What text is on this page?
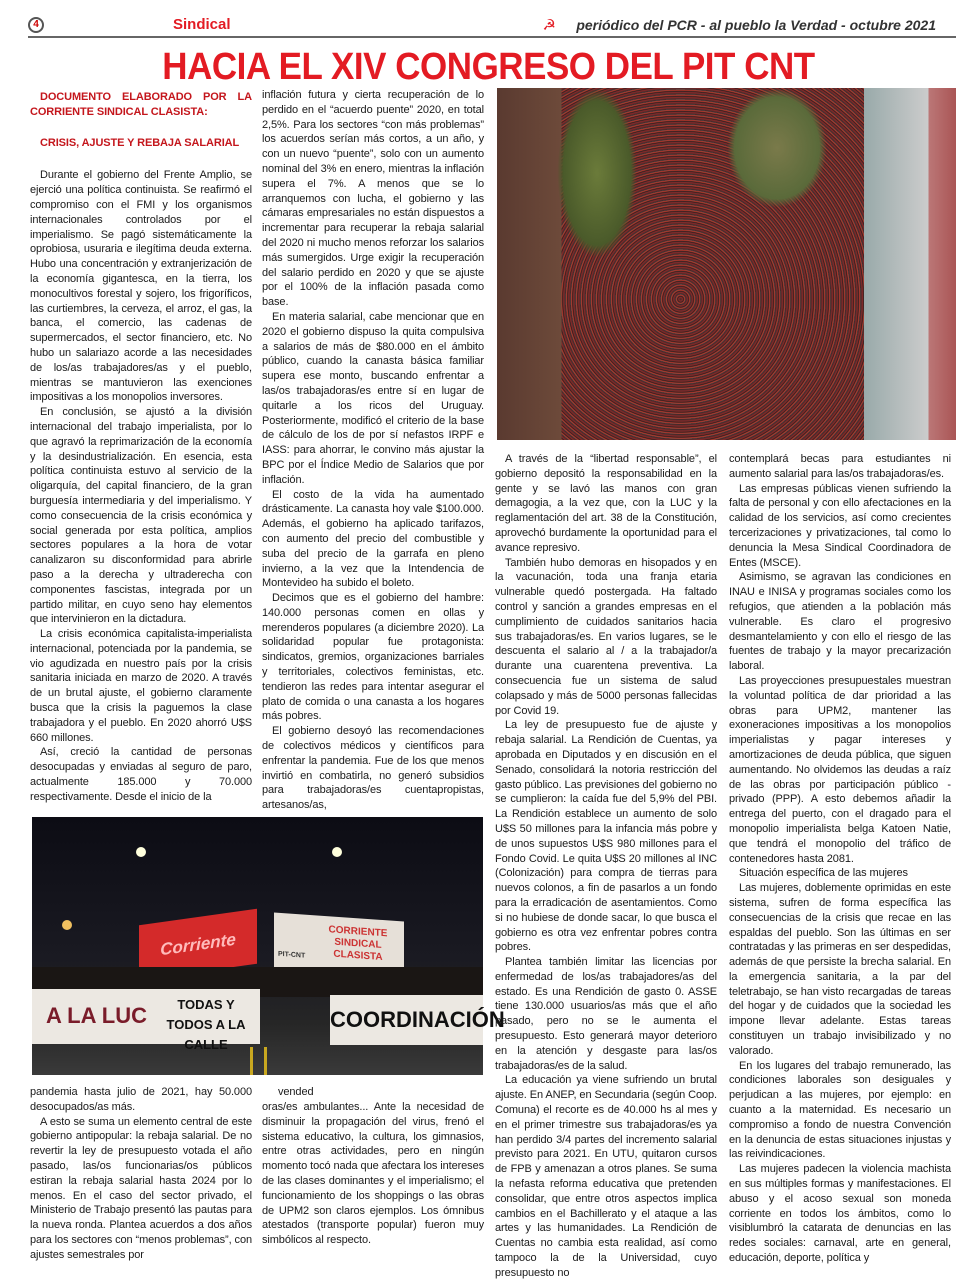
4	Sindical	☭ periódico del PCR - al pueblo la Verdad - octubre 2021
HACIA EL XIV CONGRESO DEL PIT CNT

DOCUMENTO ELABORADO POR LA CORRIENTE SINDICAL CLASISTA:

CRISIS, AJUSTE Y REBAJA SALARIAL

Durante el gobierno del Frente Amplio, se ejerció una política continuista. Se reafirmó el compromiso con el FMI y los organismos internacionales controlados por el imperialismo. Se pagó sistemáticamente la oprobiosa, usuraria e ilegítima deuda externa. Hubo una concentración y extranjerización de la economía gigantesca, en la tierra, los monocultivos forestal y sojero, los frigoríficos, las curtiembres, la cerveza, el arroz, el gas, la banca, el comercio, las cadenas de supermercados, el sector financiero, etc. No hubo un salariazo acorde a las necesidades de los/as trabajadores/as y el pueblo, mientras se mantuvieron las exenciones impositivas a los monopolios inversores.

En conclusión, se ajustó a la división internacional del trabajo imperialista, por lo que agravó la reprimarización de la economía y la desindustrialización. En esencia, esta política continuista estuvo al servicio de la oligarquía, del capital financiero, de la gran burguesía intermediaria y del imperialismo. Y como consecuencia de la crisis económica y social generada por esta política, amplios sectores populares a la hora de votar canalizaron su disconformidad para abrirle paso a la derecha y ultraderecha con componentes fascistas, integrada por un partido militar, en cuyo seno hay elementos que intervinieron en la dictadura.

La crisis económica capitalista-imperialista internacional, potenciada por la pandemia, se vio agudizada en nuestro país por la crisis sanitaria iniciada en marzo de 2020. A través de un brutal ajuste, el gobierno claramente busca que la crisis la paguemos la clase trabajadora y el pueblo. En 2020 ahorró U$S 660 millones.

Así, creció la cantidad de personas desocupadas y enviadas al seguro de paro, actualmente 185.000 y 70.000 respectivamente. Desde el inicio de la

inflación futura y cierta recuperación de lo perdido en el “acuerdo puente” 2020, en total 2,5%. Para los sectores “con más problemas” los acuerdos serían más cortos, a un año, y con un nuevo “puente”, solo con un aumento nominal del 3% en enero, mientras la inflación supera el 7%. A menos que se lo arranquemos con lucha, el gobierno y las cámaras empresariales no están dispuestos a incrementar para recuperar la rebaja salarial del 2020 ni mucho menos reforzar los salarios más sumergidos. Urge exigir la recuperación del salario perdido en 2020 y que se ajuste por el 100% de la inflación pasada como base.

En materia salarial, cabe mencionar que en 2020 el gobierno dispuso la quita compulsiva a salarios de más de $80.000 en el ámbito público, cuando la canasta básica familiar supera ese monto, buscando enfrentar a las/os trabajadoras/es entre sí en lugar de quitarle a los ricos del Uruguay. Posteriormente, modificó el criterio de la base de cálculo de los de por sí nefastos IRPF e IASS: para ahorrar, le convino más ajustar la BPC por el Índice Medio de Salarios que por inflación.

El costo de la vida ha aumentado drásticamente. La canasta hoy vale $100.000. Además, el gobierno ha aplicado tarifazos, con aumento del precio del combustible y suba del precio de la garrafa en pleno invierno, a la vez que la Intendencia de Montevideo ha subido el boleto.

Decimos que es el gobierno del hambre: 140.000 personas comen en ollas y merenderos populares (a diciembre 2020). La solidaridad popular fue protagonista: sindicatos, gremios, organizaciones barriales y territoriales, colectivos feministas, etc. tendieron las redes para intentar asegurar el plato de comida o una canasta a los hogares más pobres.

El gobierno desoyó las recomendaciones de colectivos médicos y científicos para enfrentar la pandemia. Fue de los que menos invirtió en combatirla, no generó subsidios para trabajadoras/es cuentapropistas, artesanos/as,

Corriente	CORRIENTE SINDICAL CLASISTA
PIT-CNT
A LA LUC	TODAS Y TODOS A LA CALLE
COORDINACIÓN

pandemia hasta julio de 2021, hay 50.000 desocupados/as más.

A esto se suma un elemento central de este gobierno antipopular: la rebaja salarial. De no revertir la ley de presupuesto votada el año pasado, las/os funcionarias/os públicos estiran la rebaja salarial hasta 2024 por lo menos. En el caso del sector privado, el Ministerio de Trabajo presentó las pautas para la nueva ronda. Plantea acuerdos a dos años para los sectores con “menos problemas”, con ajustes semestrales por

vended

oras/es ambulantes... Ante la necesidad de disminuir la propagación del virus, frenó el sistema educativo, la cultura, los gimnasios, entre otras actividades, pero en ningún momento tocó nada que afectara los intereses de las clases dominantes y el imperialismo; el funcionamiento de los shoppings o las obras de UPM2 son claros ejemplos. Los ómnibus atestados (transporte popular) fueron muy simbólicos al respecto.

A través de la “libertad responsable”, el gobierno depositó la responsabilidad en la gente y se lavó las manos con gran demagogia, a la vez que, con la LUC y la reglamentación del art. 38 de la Constitución, aprovechó burdamente la oportunidad para el avance represivo.

También hubo demoras en hisopados y en la vacunación, toda una franja etaria vulnerable quedó postergada. Ha faltado control y sanción a grandes empresas en el cumplimiento de cuidados sanitarios hacia sus trabajadoras/es. En varios lugares, se le descuenta el salario al / a la trabajador/a durante una cuarentena preventiva. La consecuencia fue un sistema de salud colapsado y más de 5000 personas fallecidas por Covid 19.

La ley de presupuesto fue de ajuste y rebaja salarial. La Rendición de Cuentas, ya aprobada en Diputados y en discusión en el Senado, consolidará la notoria restricción del gasto público. Las previsiones del gobierno no se cumplieron: la caída fue del 5,9% del PBI. La Rendición establece un aumento de solo U$S 50 millones para la infancia más pobre y de unos supuestos U$S 980 millones para el Fondo Covid. Le quita U$S 20 millones al INC (Colonización) para compra de tierras para nuevos colonos, a fin de pasarlos a un fondo para la erradicación de asentamientos. Como si no hubiese de donde sacar, lo que busca el gobierno es otra vez enfrentar pobres contra pobres.

Plantea también limitar las licencias por enfermedad de los/as trabajadores/as del estado. Es una Rendición de gasto 0. ASSE tiene 130.000 usuarios/as más que el año pasado, pero no se le aumenta el presupuesto. Esto generará mayor deterioro en la atención y desgaste para las/os trabajadoras/es de la salud.

La educación ya viene sufriendo un brutal ajuste. En ANEP, en Secundaria (según Coop. Comuna) el recorte es de 40.000 hs al mes y en el primer trimestre sus trabajadoras/es ya han perdido 3/4 partes del incremento salarial previsto para 2021. En UTU, quitaron cursos de FPB y amenazan a otros planes. Se suma la nefasta reforma educativa que pretenden consolidar, que entre otros aspectos implica cambios en el Bachillerato y el ataque a las artes y las humanidades. La Rendición de Cuentas no cambia esta realidad, así como tampoco la de la Universidad, cuyo presupuesto no

contemplará becas para estudiantes ni aumento salarial para las/os trabajadoras/es.

Las empresas públicas vienen sufriendo la falta de personal y con ello afectaciones en la calidad de los servicios, así como crecientes tercerizaciones y privatizaciones, tal como lo denuncia la Mesa Sindical Coordinadora de Entes (MSCE).

Asimismo, se agravan las condiciones en INAU e INISA y programas sociales como los refugios, que atienden a la población más vulnerable. Es claro el progresivo desmantelamiento y con ello el riesgo de las fuentes de trabajo y la mayor precarización laboral.

Las proyecciones presupuestales muestran la voluntad política de dar prioridad a las obras para UPM2, mantener las exoneraciones impositivas a los monopolios imperialistas y pagar intereses y amortizaciones de deuda pública, que siguen aumentando. No olvidemos las deudas a raíz de las obras por participación público - privado (PPP). A esto debemos añadir la entrega del puerto, con el dragado para el monopolio imperialista belga Katoen Natie, que tendrá el monopolio del tráfico de contenedores hasta 2081.

Situación específica de las mujeres

Las mujeres, doblemente oprimidas en este sistema, sufren de forma específica las consecuencias de la crisis que recae en las espaldas del pueblo. Son las últimas en ser contratadas y las primeras en ser despedidas, además de que persiste la brecha salarial. En la emergencia sanitaria, a la par del teletrabajo, se han visto recargadas de tareas del hogar y de cuidados que la sociedad les impone llevar adelante. Estas tareas constituyen un trabajo invisibilizado y no valorado.

En los lugares del trabajo remunerado, las condiciones laborales son desiguales y perjudican a las mujeres, por ejemplo: en cuanto a la maternidad. Es necesario un compromiso a fondo de nuestra Convención en la denuncia de estas situaciones injustas y las reivindicaciones.

Las mujeres padecen la violencia machista en sus múltiples formas y manifestaciones. El abuso y el acoso sexual son moneda corriente en todos los ámbitos, como lo visiblumbró la catarata de denuncias en las redes sociales: carnaval, arte en general, educación, deporte, política y
